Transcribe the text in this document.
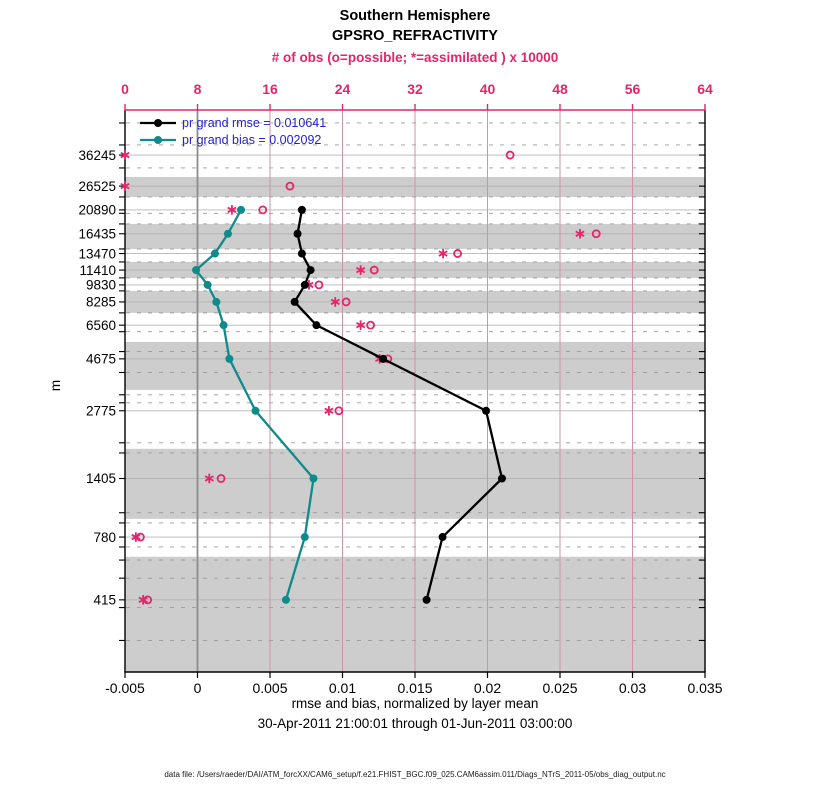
0	8	16	24	32	40	48	56	64
-0.005	0	0.005	0.01	0.015	0.02	0.025	0.03	0.035
36245
26525
20890
16435
13470
11410
9830
8285
6560
4675
2775
1405
780
415
Southern Hemisphere
GPSRO_REFRACTIVITY
# of obs (o=possible; *=assimilated ) x 10000
m
pr grand rmse = 0.010641
pr grand bias = 0.002092
rmse and bias, normalized by layer mean
30-Apr-2011 21:00:01 through 01-Jun-2011 03:00:00
data file: /Users/raeder/DAI/ATM_forcXX/CAM6_setup/f.e21.FHIST_BGC.f09_025.CAM6assim.011/Diags_NTrS_2011-05/obs_diag_output.nc
